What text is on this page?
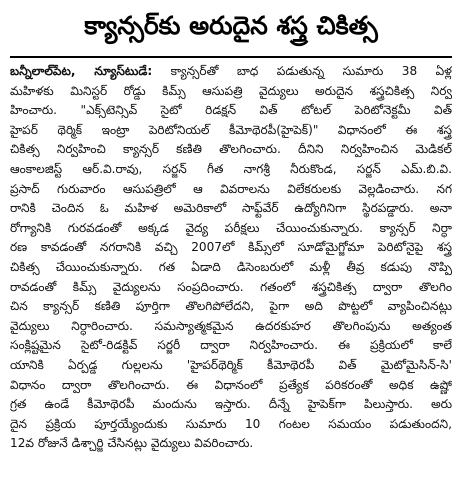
క్యాన్సర్‌కు అరుదైన శస్త్ర చికిత్స
బన్నీలాల్‌పేట, న్యూస్‌టుడే: క్యాన్సర్‌తో బాధ పడుతున్న సుమారు 38 ఏళ్ల
మహిళకు మినిస్టర్ రోడ్డు కిమ్స్ ఆసుపత్రి వైద్యులు అరుదైన శస్త్రచికిత్స నిర్వ
హించారు. "ఎక్స్‌టెన్సివ్ సైటో రిడక్షన్ విత్ టోటల్ పెరిటోనెక్టమీ విత్
హైపర్ థెర్మిక్ ఇంట్రా పెరిటోనియల్ కీమోథెరపీ(హైపెక్)" విధానంలో ఈ శస్త్ర
చికిత్స నిర్వహించి క్యాన్సర్ కణితి తొలగించారు. దీనిని నిర్వహించిన మెడికల్
ఆంకాలజిస్ట్ ఆర్.వి.రావు, సర్జన్ గీత నాగశ్రీ నీరుకొండ, సర్జన్ ఎమ్.బి.వి.
ప్రసాద్ గురువారం ఆసుపత్రిలో ఆ వివరాలను విలేకరులకు వెల్లడించారు. నగ
రానికి చెందిన ఓ మహిళ అమెరికాలో సాఫ్ట్‌వేర్ ఉద్యోగినిగా స్థిరపడ్డారు. అనా
రోగ్యానికి గురవడంతో అక్కడ వైద్య పరీక్షలు చేయించుకున్నారు. క్యాన్సర్ నిర్ధా
రణ కావడంతో నగరానికి వచ్చి 2007లో కిమ్స్‌లో సూడోమైగ్జోమా పెరిటోనైపై శస్త్ర
చికిత్స చేయించుకున్నారు. గత ఏడాది డిసెంబరులో మళ్లీ తీవ్ర కడుపు నొప్పి
రావడంతో కిమ్స్ వైద్యులను సంప్రదించారు. గతంలో శస్త్రచికిత్స ద్వారా తొలగిం
చిన క్యాన్సర్ కణితి పూర్తిగా తొలగిపోలేదని, పైగా అది పొట్టలో వ్యాపించినట్లు
వైద్యులు నిర్ధారించారు. సమస్యాత్మకమైన ఉదరకుహర తొలగింపును అత్యంత
సంక్లిష్టమైన సైటో-రిడక్టివ్ సర్జరీ ద్వారా నిర్వహించారు. ఈ ప్రక్రియలో కాలే
యానికి ఏర్పడ్డ గుల్లలను 'హైపర్‌థెర్మిక్ కీమోథెరపీ విత్ మైటోమైసిన్-సి'
విధానం ద్వారా తొలగించారు. ఈ విధానంలో ప్రత్యేక పరికరంతో అధిక ఉష్ణో
గ్రత ఉండే కీమోథెరపీ మందును ఇస్తారు. దీన్నే హైపెక్‌గా పిలుస్తారు. అరు
దైన ప్రక్రియ పూర్తయ్యేందుకు సుమారు 10 గంటల సమయం పడుతుందని,
12వ రోజునే డిశ్చార్జి చేసినట్లు వైద్యులు వివరించారు.
